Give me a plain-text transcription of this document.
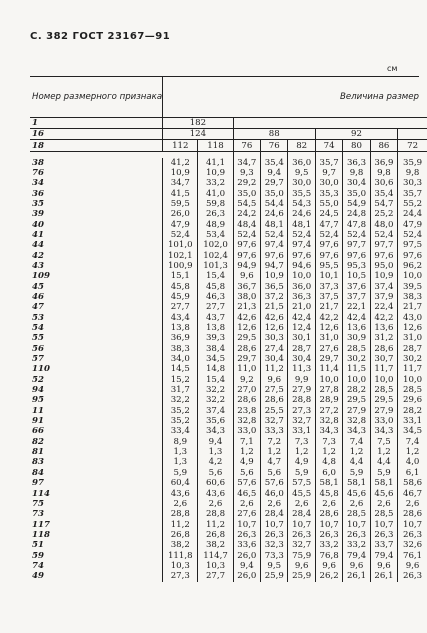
С. 382 ГОСТ 23167—91
см
Номер размерного признака	Величина размер								
1	182								
16	124		88			92			
18	112	118	76	76	82	74	80	86	72

38	41,2	41,1	34,7	35,4	36,0	35,7	36,3	36,9	35,9
76	10,9	10,9	9,3	9,4	9,5	9,7	9,8	9,8	9,8
34	34,7	33,2	29,2	29,7	30,0	30,0	30,4	30,6	30,3
36	41,5	41,0	35,0	35,0	35,5	35,3	35,0	35,4	35,7
35	59,5	59,8	54,5	54,4	54,3	55,0	54,9	54,7	55,2
39	26,0	26,3	24,2	24,6	24,6	24,5	24,8	25,2	24,4
40	47,9	48,9	48,4	48,1	48,1	47,7	47,8	48,0	47,9
41	52,4	53,4	52,4	52,4	52,4	52,4	52,4	52,4	52,4
44	101,0	102,0	97,6	97,4	97,4	97,6	97,7	97,7	97,5
42	102,1	102,4	97,6	97,6	97,6	97,6	97,6	97,6	97,6
43	100,9	101,3	94,9	94,7	94,6	95,5	95,3	95,0	96,2
109	15,1	15,4	9,6	10,9	10,0	10,1	10,5	10,9	10,0
45	45,8	45,8	36,7	36,5	36,0	37,3	37,6	37,4	39,5
46	45,9	46,3	38,0	37,2	36,3	37,5	37,7	37,9	38,3
47	27,7	27,7	21,3	21,5	21,0	21,7	22,1	22,4	21,7
53	43,4	43,7	42,6	42,6	42,4	42,2	42,4	42,2	43,0
54	13,8	13,8	12,6	12,6	12,4	12,6	13,6	13,6	12,6
55	36,9	39,3	29,5	30,3	30,1	31,0	30,9	31,2	31,0
56	38,3	38,4	28,6	27,4	28,7	27,6	28,5	28,6	28,7
57	34,0	34,5	29,7	30,4	30,4	29,7	30,2	30,7	30,2
110	14,5	14,8	11,0	11,2	11,3	11,4	11,5	11,7	11,7
52	15,2	15,4	9,2	9,6	9,9	10,0	10,0	10,0	10,0
94	31,7	32,2	27,0	27,5	27,9	27,8	28,2	28,5	28,5
95	32,2	32,2	28,6	28,6	28,8	28,9	29,5	29,5	29,6
11	35,2	37,4	23,8	25,5	27,3	27,2	27,9	27,9	28,2
91	35,2	35,6	32,8	32,7	32,7	32,8	32,8	33,0	33,1
66	33,4	34,3	33,0	33,3	33,1	34,3	34,3	34,3	34,5
82	8,9	9,4	7,1	7,2	7,3	7,3	7,4	7,5	7,4
81	1,3	1,3	1,2	1,2	1,2	1,2	1,2	1,2	1,2
83	1,3	4,2	4,9	4,7	4,9	4,8	4,4	4,4	4,0
84	5,9	5,6	5,6	5,6	5,9	6,0	5,9	5,9	6,1
97	60,4	60,6	57,6	57,6	57,5	58,1	58,1	58,1	58,6
114	43,6	43,6	46,5	46,0	45,5	45,8	45,6	45,6	46,7
75	2,6	2,6	2,6	2,6	2,6	2,6	2,6	2,6	2,6
73	28,8	28,8	27,6	28,4	28,4	28,6	28,5	28,5	28,6
117	11,2	11,2	10,7	10,7	10,7	10,7	10,7	10,7	10,7
118	26,8	26,8	26,3	26,3	26,3	26,3	26,3	26,3	26,3
51	38,2	38,2	33,6	32,3	32,7	33,2	33,2	33,7	32,6
59	111,8	114,7	26,0	73,3	75,9	76,8	79,4	79,4	76,1
74	10,3	10,3	9,4	9,5	9,6	9,6	9,6	9,6	9,6
49	27,3	27,7	26,0	25,9	25,9	26,2	26,1	26,1	26,3
